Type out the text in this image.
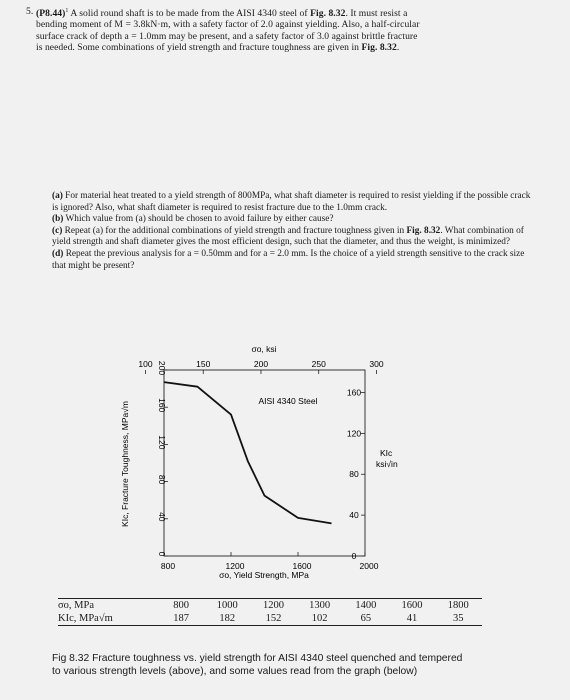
5. $(P8.44)^1$ A solid round shaft is to be made from the AISI 4340 steel of Fig. 8.32. It must resist a
bending moment of M = 3.8kN·m, with a safety factor of 2.0 against yielding. Also, a half-circular
surface crack of depth a = 1.0mm may be present, and a safety factor of 3.0 against brittle fracture
is needed. Some combinations of yield strength and fracture toughness are given in Fig. 8.32.

(a) For material heat treated to a yield strength of 800MPa, what shaft diameter is required to resist yielding if the possible crack is ignored? Also, what shaft diameter is required to resist fracture due to the 1.0mm crack.

(b) Which value from (a) should be chosen to avoid failure by either cause?

(c) Repeat (a) for the additional combinations of yield strength and fracture toughness given in Fig. 8.32. What combination of yield strength and shaft diameter gives the most efficient design, such that the diameter, and thus the weight, is minimized?

(d) Repeat the previous analysis for a = 0.50mm and for a = 2.0 mm. Is the choice of a yield strength sensitive to the crack size that might be present?

800	1200	1600	2000
0
40
80
120
160
200
100	150	200	250	300
0
40
80
120
160
σo, ksi
σo, Yield Strength, MPa
KIc
ksi√in
KIc, Fracture Toughness, MPa√m
AISI 4340 Steel
σo, MPa	800	1000	1200	1300	1400	1600	1800
KIc, MPa√m	187	182	152	102	65	41	35
Fig 8.32 Fracture toughness vs. yield strength for AISI 4340 steel quenched and tempered
to various strength levels (above), and some values read from the graph (below)
